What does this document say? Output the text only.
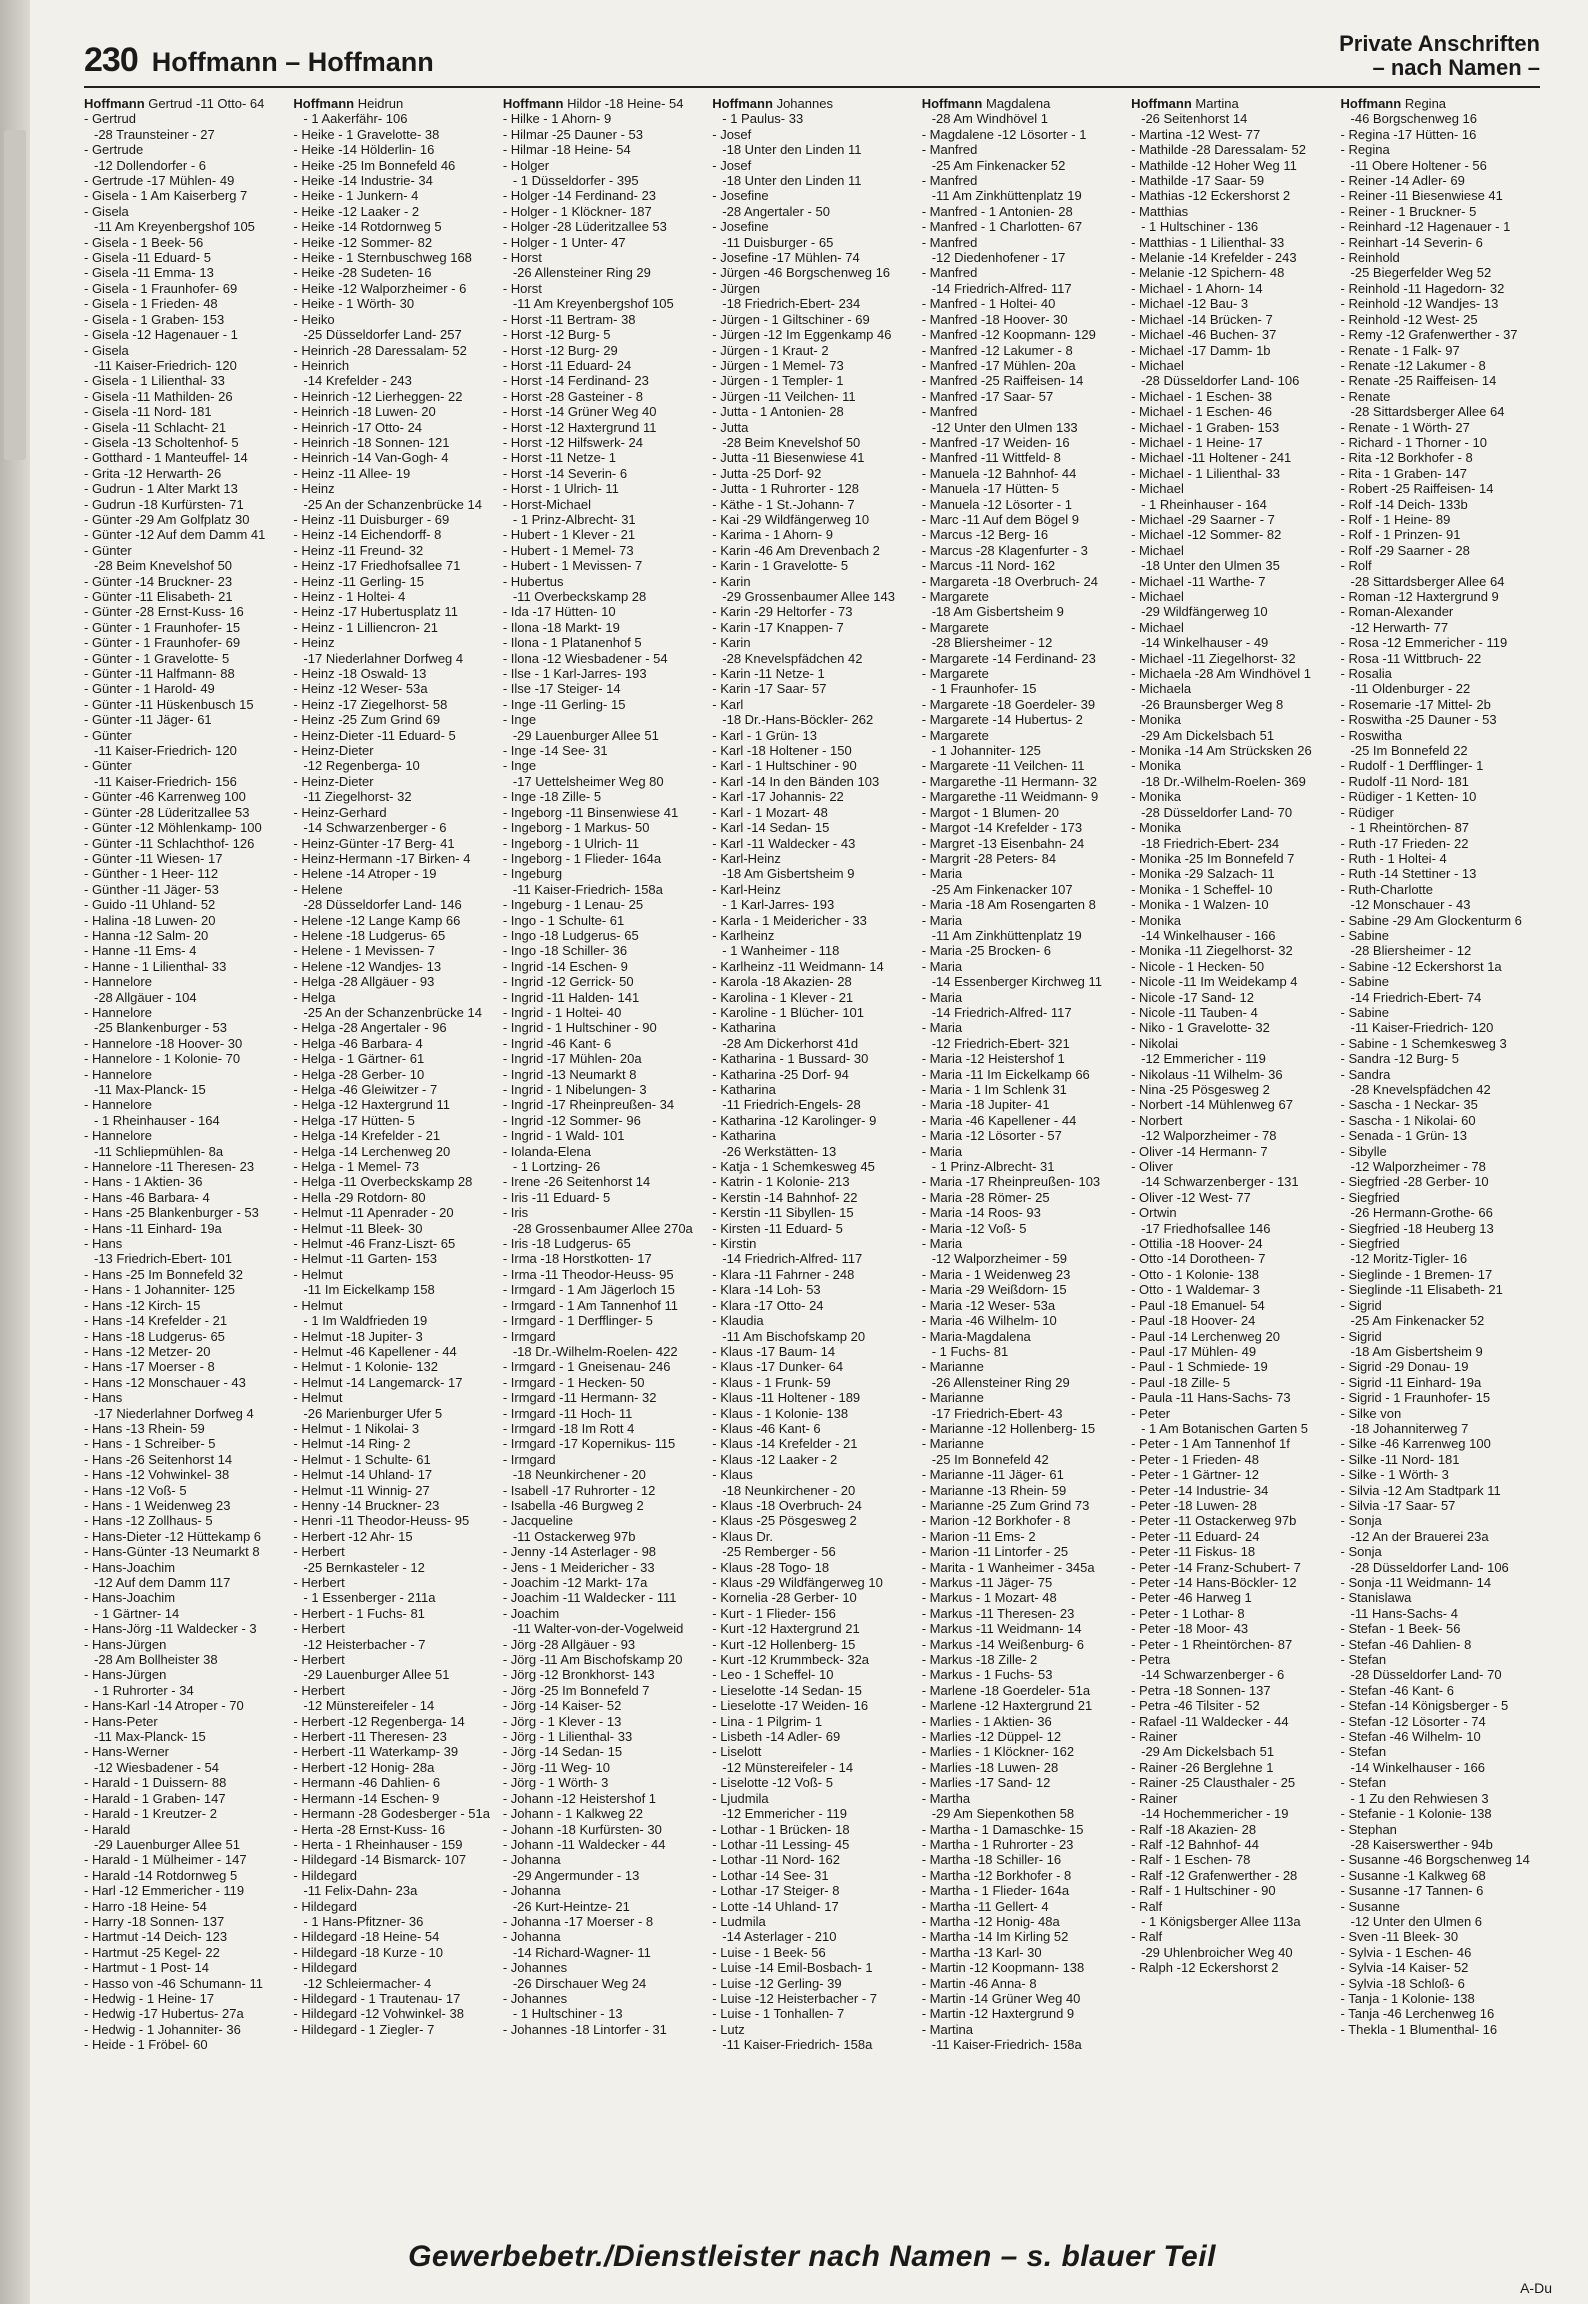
230 Hoffmann – Hoffmann
Private Anschriften
– nach Namen –
Hoffmann Gertrud -11 Otto- 64
- Gertrud
-28 Traunsteiner - 27
- Gertrude
-12 Dollendorfer - 6
- Gertrude -17 Mühlen- 49
- Gisela - 1 Am Kaiserberg 7
- Gisela
-11 Am Kreyenbergshof 105
- Gisela - 1 Beek- 56
- Gisela -11 Eduard- 5
- Gisela -11 Emma- 13
- Gisela - 1 Fraunhofer- 69
- Gisela - 1 Frieden- 48
- Gisela - 1 Graben- 153
- Gisela -12 Hagenauer - 1
- Gisela
-11 Kaiser-Friedrich- 120
- Gisela - 1 Lilienthal- 33
- Gisela -11 Mathilden- 26
- Gisela -11 Nord- 181
- Gisela -11 Schlacht- 21
- Gisela -13 Scholtenhof- 5
- Gotthard - 1 Manteuffel- 14
- Grita -12 Herwarth- 26
- Gudrun - 1 Alter Markt 13
- Gudrun -18 Kurfürsten- 71
- Günter -29 Am Golfplatz 30
- Günter -12 Auf dem Damm 41
- Günter
-28 Beim Knevelshof 50
- Günter -14 Bruckner- 23
- Günter -11 Elisabeth- 21
- Günter -28 Ernst-Kuss- 16
- Günter - 1 Fraunhofer- 15
- Günter - 1 Fraunhofer- 69
- Günter - 1 Gravelotte- 5
- Günter -11 Halfmann- 88
- Günter - 1 Harold- 49
- Günter -11 Hüskenbusch 15
- Günter -11 Jäger- 61
- Günter
-11 Kaiser-Friedrich- 120
- Günter
-11 Kaiser-Friedrich- 156
- Günter -46 Karrenweg 100
- Günter -28 Lüderitzallee 53
- Günter -12 Möhlenkamp- 100
- Günter -11 Schlachthof- 126
- Günter -11 Wiesen- 17
- Günther - 1 Heer- 112
- Günther -11 Jäger- 53
- Guido -11 Uhland- 52
- Halina -18 Luwen- 20
- Hanna -12 Salm- 20
- Hanne -11 Ems- 4
- Hanne - 1 Lilienthal- 33
- Hannelore
-28 Allgäuer - 104
- Hannelore
-25 Blankenburger - 53
- Hannelore -18 Hoover- 30
- Hannelore - 1 Kolonie- 70
- Hannelore
-11 Max-Planck- 15
- Hannelore
- 1 Rheinhauser - 164
- Hannelore
-11 Schliepmühlen- 8a
- Hannelore -11 Theresen- 23
- Hans - 1 Aktien- 36
- Hans -46 Barbara- 4
- Hans -25 Blankenburger - 53
- Hans -11 Einhard- 19a
- Hans
-13 Friedrich-Ebert- 101
- Hans -25 Im Bonnefeld 32
- Hans - 1 Johanniter- 125
- Hans -12 Kirch- 15
- Hans -14 Krefelder - 21
- Hans -18 Ludgerus- 65
- Hans -12 Metzer- 20
- Hans -17 Moerser - 8
- Hans -12 Monschauer - 43
- Hans
-17 Niederlahner Dorfweg 4
- Hans -13 Rhein- 59
- Hans - 1 Schreiber- 5
- Hans -26 Seitenhorst 14
- Hans -12 Vohwinkel- 38
- Hans -12 Voß- 5
- Hans - 1 Weidenweg 23
- Hans -12 Zollhaus- 5
- Hans-Dieter -12 Hüttekamp 6
- Hans-Günter -13 Neumarkt 8
- Hans-Joachim
-12 Auf dem Damm 117
- Hans-Joachim
- 1 Gärtner- 14
- Hans-Jörg -11 Waldecker - 3
- Hans-Jürgen
-28 Am Bollheister 38
- Hans-Jürgen
- 1 Ruhrorter - 34
- Hans-Karl -14 Atroper - 70
- Hans-Peter
-11 Max-Planck- 15
- Hans-Werner
-12 Wiesbadener - 54
- Harald - 1 Duissern- 88
- Harald - 1 Graben- 147
- Harald - 1 Kreutzer- 2
- Harald
-29 Lauenburger Allee 51
- Harald - 1 Mülheimer - 147
- Harald -14 Rotdornweg 5
- Harl -12 Emmericher - 119
- Harro -18 Heine- 54
- Harry -18 Sonnen- 137
- Hartmut -14 Deich- 123
- Hartmut -25 Kegel- 22
- Hartmut - 1 Post- 14
- Hasso von -46 Schumann- 11
- Hedwig - 1 Heine- 17
- Hedwig -17 Hubertus- 27a
- Hedwig - 1 Johanniter- 36
- Heide - 1 Fröbel- 60
Hoffmann Heidrun
- 1 Aakerfähr- 106
- Heike - 1 Gravelotte- 38
- Heike -14 Hölderlin- 16
- Heike -25 Im Bonnefeld 46
- Heike -14 Industrie- 34
- Heike - 1 Junkern- 4
- Heike -12 Laaker - 2
- Heike -14 Rotdornweg 5
- Heike -12 Sommer- 82
- Heike - 1 Sternbuschweg 168
- Heike -28 Sudeten- 16
- Heike -12 Walporzheimer - 6
- Heike - 1 Wörth- 30
- Heiko
-25 Düsseldorfer Land- 257
- Heinrich -28 Daressalam- 52
- Heinrich
-14 Krefelder - 243
- Heinrich -12 Lierheggen- 22
- Heinrich -18 Luwen- 20
- Heinrich -17 Otto- 24
- Heinrich -18 Sonnen- 121
- Heinrich -14 Van-Gogh- 4
- Heinz -11 Allee- 19
- Heinz
-25 An der Schanzenbrücke 14
- Heinz -11 Duisburger - 69
- Heinz -14 Eichendorff- 8
- Heinz -11 Freund- 32
- Heinz -17 Friedhofsallee 71
- Heinz -11 Gerling- 15
- Heinz - 1 Holtei- 4
- Heinz -17 Hubertusplatz 11
- Heinz - 1 Lilliencron- 21
- Heinz
-17 Niederlahner Dorfweg 4
- Heinz -18 Oswald- 13
- Heinz -12 Weser- 53a
- Heinz -17 Ziegelhorst- 58
- Heinz -25 Zum Grind 69
- Heinz-Dieter -11 Eduard- 5
- Heinz-Dieter
-12 Regenberga- 10
- Heinz-Dieter
-11 Ziegelhorst- 32
- Heinz-Gerhard
-14 Schwarzenberger - 6
- Heinz-Günter -17 Berg- 41
- Heinz-Hermann -17 Birken- 4
- Helene -14 Atroper - 19
- Helene
-28 Düsseldorfer Land- 146
- Helene -12 Lange Kamp 66
- Helene -18 Ludgerus- 65
- Helene - 1 Mevissen- 7
- Helene -12 Wandjes- 13
- Helga -28 Allgäuer - 93
- Helga
-25 An der Schanzenbrücke 14
- Helga -28 Angertaler - 96
- Helga -46 Barbara- 4
- Helga - 1 Gärtner- 61
- Helga -28 Gerber- 10
- Helga -46 Gleiwitzer - 7
- Helga -12 Haxtergrund 11
- Helga -17 Hütten- 5
- Helga -14 Krefelder - 21
- Helga -14 Lerchenweg 20
- Helga - 1 Memel- 73
- Helga -11 Overbeckskamp 28
- Hella -29 Rotdorn- 80
- Helmut -11 Apenrader - 20
- Helmut -11 Bleek- 30
- Helmut -46 Franz-Liszt- 65
- Helmut -11 Garten- 153
- Helmut
-11 Im Eickelkamp 158
- Helmut
- 1 Im Waldfrieden 19
- Helmut -18 Jupiter- 3
- Helmut -46 Kapellener - 44
- Helmut - 1 Kolonie- 132
- Helmut -14 Langemarck- 17
- Helmut
-26 Marienburger Ufer 5
- Helmut - 1 Nikolai- 3
- Helmut -14 Ring- 2
- Helmut - 1 Schulte- 61
- Helmut -14 Uhland- 17
- Helmut -11 Winnig- 27
- Henny -14 Bruckner- 23
- Henri -11 Theodor-Heuss- 95
- Herbert -12 Ahr- 15
- Herbert
-25 Bernkasteler - 12
- Herbert
- 1 Essenberger - 211a
- Herbert - 1 Fuchs- 81
- Herbert
-12 Heisterbacher - 7
- Herbert
-29 Lauenburger Allee 51
- Herbert
-12 Münstereifeler - 14
- Herbert -12 Regenberga- 14
- Herbert -11 Theresen- 23
- Herbert -11 Waterkamp- 39
- Herbert -12 Honig- 28a
- Hermann -46 Dahlien- 6
- Hermann -14 Eschen- 9
- Hermann -28 Godesberger - 51a
- Herta -28 Ernst-Kuss- 16
- Herta - 1 Rheinhauser - 159
- Hildegard -14 Bismarck- 107
- Hildegard
-11 Felix-Dahn- 23a
- Hildegard
- 1 Hans-Pfitzner- 36
- Hildegard -18 Heine- 54
- Hildegard -18 Kurze - 10
- Hildegard
-12 Schleiermacher- 4
- Hildegard - 1 Trautenau- 17
- Hildegard -12 Vohwinkel- 38
- Hildegard - 1 Ziegler- 7
Hoffmann Hildor -18 Heine- 54
- Hilke - 1 Ahorn- 9
- Hilmar -25 Dauner - 53
- Hilmar -18 Heine- 54
- Holger
- 1 Düsseldorfer - 395
- Holger -14 Ferdinand- 23
- Holger - 1 Klöckner- 187
- Holger -28 Lüderitzallee 53
- Holger - 1 Unter- 47
- Horst
-26 Allensteiner Ring 29
- Horst
-11 Am Kreyenbergshof 105
- Horst -11 Bertram- 38
- Horst -12 Burg- 5
- Horst -12 Burg- 29
- Horst -11 Eduard- 24
- Horst -14 Ferdinand- 23
- Horst -28 Gasteiner - 8
- Horst -14 Grüner Weg 40
- Horst -12 Haxtergrund 11
- Horst -12 Hilfswerk- 24
- Horst -11 Netze- 1
- Horst -14 Severin- 6
- Horst - 1 Ulrich- 11
- Horst-Michael
- 1 Prinz-Albrecht- 31
- Hubert - 1 Klever - 21
- Hubert - 1 Memel- 73
- Hubert - 1 Mevissen- 7
- Hubertus
-11 Overbeckskamp 28
- Ida -17 Hütten- 10
- Ilona -18 Markt- 19
- Ilona - 1 Platanenhof 5
- Ilona -12 Wiesbadener - 54
- Ilse - 1 Karl-Jarres- 193
- Ilse -17 Steiger- 14
- Inge -11 Gerling- 15
- Inge
-29 Lauenburger Allee 51
- Inge -14 See- 31
- Inge
-17 Uettelsheimer Weg 80
- Inge -18 Zille- 5
- Ingeborg -11 Binsenwiese 41
- Ingeborg - 1 Markus- 50
- Ingeborg - 1 Ulrich- 11
- Ingeborg - 1 Flieder- 164a
- Ingeburg
-11 Kaiser-Friedrich- 158a
- Ingeburg - 1 Lenau- 25
- Ingo - 1 Schulte- 61
- Ingo -18 Ludgerus- 65
- Ingo -18 Schiller- 36
- Ingrid -14 Eschen- 9
- Ingrid -12 Gerrick- 50
- Ingrid -11 Halden- 141
- Ingrid - 1 Holtei- 40
- Ingrid - 1 Hultschiner - 90
- Ingrid -46 Kant- 6
- Ingrid -17 Mühlen- 20a
- Ingrid -13 Neumarkt 8
- Ingrid - 1 Nibelungen- 3
- Ingrid -17 Rheinpreußen- 34
- Ingrid -12 Sommer- 96
- Ingrid - 1 Wald- 101
- Iolanda-Elena
- 1 Lortzing- 26
- Irene -26 Seitenhorst 14
- Iris -11 Eduard- 5
- Iris
-28 Grossenbaumer Allee 270a
- Iris -18 Ludgerus- 65
- Irma -18 Horstkotten- 17
- Irma -11 Theodor-Heuss- 95
- Irmgard - 1 Am Jägerloch 15
- Irmgard - 1 Am Tannenhof 11
- Irmgard - 1 Derfflinger- 5
- Irmgard
-18 Dr.-Wilhelm-Roelen- 422
- Irmgard - 1 Gneisenau- 246
- Irmgard - 1 Hecken- 50
- Irmgard -11 Hermann- 32
- Irmgard -11 Hoch- 11
- Irmgard -18 Im Rott 4
- Irmgard -17 Kopernikus- 115
- Irmgard
-18 Neunkirchener - 20
- Isabell -17 Ruhrorter - 12
- Isabella -46 Burgweg 2
- Jacqueline
-11 Ostackerweg 97b
- Jenny -14 Asterlager - 98
- Jens - 1 Meidericher - 33
- Joachim -12 Markt- 17a
- Joachim -11 Waldecker - 111
- Joachim
-11 Walter-von-der-Vogelweid
- Jörg -28 Allgäuer - 93
- Jörg -11 Am Bischofskamp 20
- Jörg -12 Bronkhorst- 143
- Jörg -25 Im Bonnefeld 7
- Jörg -14 Kaiser- 52
- Jörg - 1 Klever - 13
- Jörg - 1 Lilienthal- 33
- Jörg -14 Sedan- 15
- Jörg -11 Weg- 10
- Jörg - 1 Wörth- 3
- Johann -12 Heistershof 1
- Johann - 1 Kalkweg 22
- Johann -18 Kurfürsten- 30
- Johann -11 Waldecker - 44
- Johanna
-29 Angermunder - 13
- Johanna
-26 Kurt-Heintze- 21
- Johanna -17 Moerser - 8
- Johanna
-14 Richard-Wagner- 11
- Johannes
-26 Dirschauer Weg 24
- Johannes
- 1 Hultschiner - 13
- Johannes -18 Lintorfer - 31
Hoffmann Johannes
- 1 Paulus- 33
- Josef
-18 Unter den Linden 11
- Josef
-18 Unter den Linden 11
- Josefine
-28 Angertaler - 50
- Josefine
-11 Duisburger - 65
- Josefine -17 Mühlen- 74
- Jürgen -46 Borgschenweg 16
- Jürgen
-18 Friedrich-Ebert- 234
- Jürgen - 1 Giltschiner - 69
- Jürgen -12 Im Eggenkamp 46
- Jürgen - 1 Kraut- 2
- Jürgen - 1 Memel- 73
- Jürgen - 1 Templer- 1
- Jürgen -11 Veilchen- 11
- Jutta - 1 Antonien- 28
- Jutta
-28 Beim Knevelshof 50
- Jutta -11 Biesenwiese 41
- Jutta -25 Dorf- 92
- Jutta - 1 Ruhrorter - 128
- Käthe - 1 St.-Johann- 7
- Kai -29 Wildfängerweg 10
- Karima - 1 Ahorn- 9
- Karin -46 Am Drevenbach 2
- Karin - 1 Gravelotte- 5
- Karin
-29 Grossenbaumer Allee 143
- Karin -29 Heltorfer - 73
- Karin -17 Knappen- 7
- Karin
-28 Knevelspfädchen 42
- Karin -11 Netze- 1
- Karin -17 Saar- 57
- Karl
-18 Dr.-Hans-Böckler- 262
- Karl - 1 Grün- 13
- Karl -18 Holtener - 150
- Karl - 1 Hultschiner - 90
- Karl -14 In den Bänden 103
- Karl -17 Johannis- 22
- Karl - 1 Mozart- 48
- Karl -14 Sedan- 15
- Karl -11 Waldecker - 43
- Karl-Heinz
-18 Am Gisbertsheim 9
- Karl-Heinz
- 1 Karl-Jarres- 193
- Karla - 1 Meidericher - 33
- Karlheinz
- 1 Wanheimer - 118
- Karlheinz -11 Weidmann- 14
- Karola -18 Akazien- 28
- Karolina - 1 Klever - 21
- Karoline - 1 Blücher- 101
- Katharina
-28 Am Dickerhorst 41d
- Katharina - 1 Bussard- 30
- Katharina -25 Dorf- 94
- Katharina
-11 Friedrich-Engels- 28
- Katharina -12 Karolinger- 9
- Katharina
-26 Werkstätten- 13
- Katja - 1 Schemkesweg 45
- Katrin - 1 Kolonie- 213
- Kerstin -14 Bahnhof- 22
- Kerstin -11 Sibyllen- 15
- Kirsten -11 Eduard- 5
- Kirstin
-14 Friedrich-Alfred- 117
- Klara -11 Fahrner - 248
- Klara -14 Loh- 53
- Klara -17 Otto- 24
- Klaudia
-11 Am Bischofskamp 20
- Klaus -17 Baum- 14
- Klaus -17 Dunker- 64
- Klaus - 1 Frunk- 59
- Klaus -11 Holtener - 189
- Klaus - 1 Kolonie- 138
- Klaus -46 Kant- 6
- Klaus -14 Krefelder - 21
- Klaus -12 Laaker - 2
- Klaus
-18 Neunkirchener - 20
- Klaus -18 Overbruch- 24
- Klaus -25 Pösgesweg 2
- Klaus Dr.
-25 Remberger - 56
- Klaus -28 Togo- 18
- Klaus -29 Wildfängerweg 10
- Kornelia -28 Gerber- 10
- Kurt - 1 Flieder- 156
- Kurt -12 Haxtergrund 21
- Kurt -12 Hollenberg- 15
- Kurt -12 Krummbeck- 32a
- Leo - 1 Scheffel- 10
- Lieselotte -14 Sedan- 15
- Lieselotte -17 Weiden- 16
- Lina - 1 Pilgrim- 1
- Lisbeth -14 Adler- 69
- Liselott
-12 Münstereifeler - 14
- Liselotte -12 Voß- 5
- Ljudmila
-12 Emmericher - 119
- Lothar - 1 Brücken- 18
- Lothar -11 Lessing- 45
- Lothar -11 Nord- 162
- Lothar -14 See- 31
- Lothar -17 Steiger- 8
- Lotte -14 Uhland- 17
- Ludmila
-14 Asterlager - 210
- Luise - 1 Beek- 56
- Luise -14 Emil-Bosbach- 1
- Luise -12 Gerling- 39
- Luise -12 Heisterbacher - 7
- Luise - 1 Tonhallen- 7
- Lutz
-11 Kaiser-Friedrich- 158a
Hoffmann Magdalena
-28 Am Windhövel 1
- Magdalene -12 Lösorter - 1
- Manfred
-25 Am Finkenacker 52
- Manfred
-11 Am Zinkhüttenplatz 19
- Manfred - 1 Antonien- 28
- Manfred - 1 Charlotten- 67
- Manfred
-12 Diedenhofener - 17
- Manfred
-14 Friedrich-Alfred- 117
- Manfred - 1 Holtei- 40
- Manfred -18 Hoover- 30
- Manfred -12 Koopmann- 129
- Manfred -12 Lakumer - 8
- Manfred -17 Mühlen- 20a
- Manfred -25 Raiffeisen- 14
- Manfred -17 Saar- 57
- Manfred
-12 Unter den Ulmen 133
- Manfred -17 Weiden- 16
- Manfred -11 Wittfeld- 8
- Manuela -12 Bahnhof- 44
- Manuela -17 Hütten- 5
- Manuela -12 Lösorter - 1
- Marc -11 Auf dem Bögel 9
- Marcus -12 Berg- 16
- Marcus -28 Klagenfurter - 3
- Marcus -11 Nord- 162
- Margareta -18 Overbruch- 24
- Margarete
-18 Am Gisbertsheim 9
- Margarete
-28 Bliersheimer - 12
- Margarete -14 Ferdinand- 23
- Margarete
- 1 Fraunhofer- 15
- Margarete -18 Goerdeler- 39
- Margarete -14 Hubertus- 2
- Margarete
- 1 Johanniter- 125
- Margarete -11 Veilchen- 11
- Margarethe -11 Hermann- 32
- Margarethe -11 Weidmann- 9
- Margot - 1 Blumen- 20
- Margot -14 Krefelder - 173
- Margret -13 Eisenbahn- 24
- Margrit -28 Peters- 84
- Maria
-25 Am Finkenacker 107
- Maria -18 Am Rosengarten 8
- Maria
-11 Am Zinkhüttenplatz 19
- Maria -25 Brocken- 6
- Maria
-14 Essenberger Kirchweg 11
- Maria
-14 Friedrich-Alfred- 117
- Maria
-12 Friedrich-Ebert- 321
- Maria -12 Heistershof 1
- Maria -11 Im Eickelkamp 66
- Maria - 1 Im Schlenk 31
- Maria -18 Jupiter- 41
- Maria -46 Kapellener - 44
- Maria -12 Lösorter - 57
- Maria
- 1 Prinz-Albrecht- 31
- Maria -17 Rheinpreußen- 103
- Maria -28 Römer- 25
- Maria -14 Roos- 93
- Maria -12 Voß- 5
- Maria
-12 Walporzheimer - 59
- Maria - 1 Weidenweg 23
- Maria -29 Weißdorn- 15
- Maria -12 Weser- 53a
- Maria -46 Wilhelm- 10
- Maria-Magdalena
- 1 Fuchs- 81
- Marianne
-26 Allensteiner Ring 29
- Marianne
-17 Friedrich-Ebert- 43
- Marianne -12 Hollenberg- 15
- Marianne
-25 Im Bonnefeld 42
- Marianne -11 Jäger- 61
- Marianne -13 Rhein- 59
- Marianne -25 Zum Grind 73
- Marion -12 Borkhofer - 8
- Marion -11 Ems- 2
- Marion -11 Lintorfer - 25
- Marita - 1 Wanheimer - 345a
- Markus -11 Jäger- 75
- Markus - 1 Mozart- 48
- Markus -11 Theresen- 23
- Markus -11 Weidmann- 14
- Markus -14 Weißenburg- 6
- Markus -18 Zille- 2
- Markus - 1 Fuchs- 53
- Marlene -18 Goerdeler- 51a
- Marlene -12 Haxtergrund 21
- Marlies - 1 Aktien- 36
- Marlies -12 Düppel- 12
- Marlies - 1 Klöckner- 162
- Marlies -18 Luwen- 28
- Marlies -17 Sand- 12
- Martha
-29 Am Siepenkothen 58
- Martha - 1 Damaschke- 15
- Martha - 1 Ruhrorter - 23
- Martha -18 Schiller- 16
- Martha -12 Borkhofer - 8
- Martha - 1 Flieder- 164a
- Martha -11 Gellert- 4
- Martha -12 Honig- 48a
- Martha -14 Im Kirling 52
- Martha -13 Karl- 30
- Martin -12 Koopmann- 138
- Martin -46 Anna- 8
- Martin -14 Grüner Weg 40
- Martin -12 Haxtergrund 9
- Martina
-11 Kaiser-Friedrich- 158a
Hoffmann Martina
-26 Seitenhorst 14
- Martina -12 West- 77
- Mathilde -28 Daressalam- 52
- Mathilde -12 Hoher Weg 11
- Mathilde -17 Saar- 59
- Mathias -12 Eckershorst 2
- Matthias
- 1 Hultschiner - 136
- Matthias - 1 Lilienthal- 33
- Melanie -14 Krefelder - 243
- Melanie -12 Spichern- 48
- Michael - 1 Ahorn- 14
- Michael -12 Bau- 3
- Michael -14 Brücken- 7
- Michael -46 Buchen- 37
- Michael -17 Damm- 1b
- Michael
-28 Düsseldorfer Land- 106
- Michael - 1 Eschen- 38
- Michael - 1 Eschen- 46
- Michael - 1 Graben- 153
- Michael - 1 Heine- 17
- Michael -11 Holtener - 241
- Michael - 1 Lilienthal- 33
- Michael
- 1 Rheinhauser - 164
- Michael -29 Saarner - 7
- Michael -12 Sommer- 82
- Michael
-18 Unter den Ulmen 35
- Michael -11 Warthe- 7
- Michael
-29 Wildfängerweg 10
- Michael
-14 Winkelhauser - 49
- Michael -11 Ziegelhorst- 32
- Michaela -28 Am Windhövel 1
- Michaela
-26 Braunsberger Weg 8
- Monika
-29 Am Dickelsbach 51
- Monika -14 Am Strücksken 26
- Monika
-18 Dr.-Wilhelm-Roelen- 369
- Monika
-28 Düsseldorfer Land- 70
- Monika
-18 Friedrich-Ebert- 234
- Monika -25 Im Bonnefeld 7
- Monika -29 Salzach- 11
- Monika - 1 Scheffel- 10
- Monika - 1 Walzen- 10
- Monika
-14 Winkelhauser - 166
- Monika -11 Ziegelhorst- 32
- Nicole - 1 Hecken- 50
- Nicole -11 Im Weidekamp 4
- Nicole -17 Sand- 12
- Nicole -11 Tauben- 4
- Niko - 1 Gravelotte- 32
- Nikolai
-12 Emmericher - 119
- Nikolaus -11 Wilhelm- 36
- Nina -25 Pösgesweg 2
- Norbert -14 Mühlenweg 67
- Norbert
-12 Walporzheimer - 78
- Oliver -14 Hermann- 7
- Oliver
-14 Schwarzenberger - 131
- Oliver -12 West- 77
- Ortwin
-17 Friedhofsallee 146
- Ottilia -18 Hoover- 24
- Otto -14 Dorotheen- 7
- Otto - 1 Kolonie- 138
- Otto - 1 Waldemar- 3
- Paul -18 Emanuel- 54
- Paul -18 Hoover- 24
- Paul -14 Lerchenweg 20
- Paul -17 Mühlen- 49
- Paul - 1 Schmiede- 19
- Paul -18 Zille- 5
- Paula -11 Hans-Sachs- 73
- Peter
- 1 Am Botanischen Garten 5
- Peter - 1 Am Tannenhof 1f
- Peter - 1 Frieden- 48
- Peter - 1 Gärtner- 12
- Peter -14 Industrie- 34
- Peter -18 Luwen- 28
- Peter -11 Ostackerweg 97b
- Peter -11 Eduard- 24
- Peter -11 Fiskus- 18
- Peter -14 Franz-Schubert- 7
- Peter -14 Hans-Böckler- 12
- Peter -46 Harweg 1
- Peter - 1 Lothar- 8
- Peter -18 Moor- 43
- Peter - 1 Rheintörchen- 87
- Petra
-14 Schwarzenberger - 6
- Petra -18 Sonnen- 137
- Petra -46 Tilsiter - 52
- Rafael -11 Waldecker - 44
- Rainer
-29 Am Dickelsbach 51
- Rainer -26 Berglehne 1
- Rainer -25 Clausthaler - 25
- Rainer
-14 Hochemmericher - 19
- Ralf -18 Akazien- 28
- Ralf -12 Bahnhof- 44
- Ralf - 1 Eschen- 78
- Ralf -12 Grafenwerther - 28
- Ralf - 1 Hultschiner - 90
- Ralf
- 1 Königsberger Allee 113a
- Ralf
-29 Uhlenbroicher Weg 40
- Ralph -12 Eckershorst 2
Hoffmann Regina
-46 Borgschenweg 16
- Regina -17 Hütten- 16
- Regina
-11 Obere Holtener - 56
- Reiner -14 Adler- 69
- Reiner -11 Biesenwiese 41
- Reiner - 1 Bruckner- 5
- Reinhard -12 Hagenauer - 1
- Reinhart -14 Severin- 6
- Reinhold
-25 Biegerfelder Weg 52
- Reinhold -11 Hagedorn- 32
- Reinhold -12 Wandjes- 13
- Reinhold -12 West- 25
- Remy -12 Grafenwerther - 37
- Renate - 1 Falk- 97
- Renate -12 Lakumer - 8
- Renate -25 Raiffeisen- 14
- Renate
-28 Sittardsberger Allee 64
- Renate - 1 Wörth- 27
- Richard - 1 Thorner - 10
- Rita -12 Borkhofer - 8
- Rita - 1 Graben- 147
- Robert -25 Raiffeisen- 14
- Rolf -14 Deich- 133b
- Rolf - 1 Heine- 89
- Rolf - 1 Prinzen- 91
- Rolf -29 Saarner - 28
- Rolf
-28 Sittardsberger Allee 64
- Roman -12 Haxtergrund 9
- Roman-Alexander
-12 Herwarth- 77
- Rosa -12 Emmericher - 119
- Rosa -11 Wittbruch- 22
- Rosalia
-11 Oldenburger - 22
- Rosemarie -17 Mittel- 2b
- Roswitha -25 Dauner - 53
- Roswitha
-25 Im Bonnefeld 22
- Rudolf - 1 Derfflinger- 1
- Rudolf -11 Nord- 181
- Rüdiger - 1 Ketten- 10
- Rüdiger
- 1 Rheintörchen- 87
- Ruth -17 Frieden- 22
- Ruth - 1 Holtei- 4
- Ruth -14 Stettiner - 13
- Ruth-Charlotte
-12 Monschauer - 43
- Sabine -29 Am Glockenturm 6
- Sabine
-28 Bliersheimer - 12
- Sabine -12 Eckershorst 1a
- Sabine
-14 Friedrich-Ebert- 74
- Sabine
-11 Kaiser-Friedrich- 120
- Sabine - 1 Schemkesweg 3
- Sandra -12 Burg- 5
- Sandra
-28 Knevelspfädchen 42
- Sascha - 1 Neckar- 35
- Sascha - 1 Nikolai- 60
- Senada - 1 Grün- 13
- Sibylle
-12 Walporzheimer - 78
- Siegfried -28 Gerber- 10
- Siegfried
-26 Hermann-Grothe- 66
- Siegfried -18 Heuberg 13
- Siegfried
-12 Moritz-Tigler- 16
- Sieglinde - 1 Bremen- 17
- Sieglinde -11 Elisabeth- 21
- Sigrid
-25 Am Finkenacker 52
- Sigrid
-18 Am Gisbertsheim 9
- Sigrid -29 Donau- 19
- Sigrid -11 Einhard- 19a
- Sigrid - 1 Fraunhofer- 15
- Silke von
-18 Johanniterweg 7
- Silke -46 Karrenweg 100
- Silke -11 Nord- 181
- Silke - 1 Wörth- 3
- Silvia -12 Am Stadtpark 11
- Silvia -17 Saar- 57
- Sonja
-12 An der Brauerei 23a
- Sonja
-28 Düsseldorfer Land- 106
- Sonja -11 Weidmann- 14
- Stanislawa
-11 Hans-Sachs- 4
- Stefan - 1 Beek- 56
- Stefan -46 Dahlien- 8
- Stefan
-28 Düsseldorfer Land- 70
- Stefan -46 Kant- 6
- Stefan -14 Königsberger - 5
- Stefan -12 Lösorter - 74
- Stefan -46 Wilhelm- 10
- Stefan
-14 Winkelhauser - 166
- Stefan
- 1 Zu den Rehwiesen 3
- Stefanie - 1 Kolonie- 138
- Stephan
-28 Kaiserswerther - 94b
- Susanne -46 Borgschenweg 14
- Susanne -1 Kalkweg 68
- Susanne -17 Tannen- 6
- Susanne
-12 Unter den Ulmen 6
- Sven -11 Bleek- 30
- Sylvia - 1 Eschen- 46
- Sylvia -14 Kaiser- 52
- Sylvia -18 Schloß- 6
- Tanja - 1 Kolonie- 138
- Tanja -46 Lerchenweg 16
- Thekla - 1 Blumenthal- 16
Gewerbebetr./Dienstleister nach Namen – s. blauer Teil
A-Du
